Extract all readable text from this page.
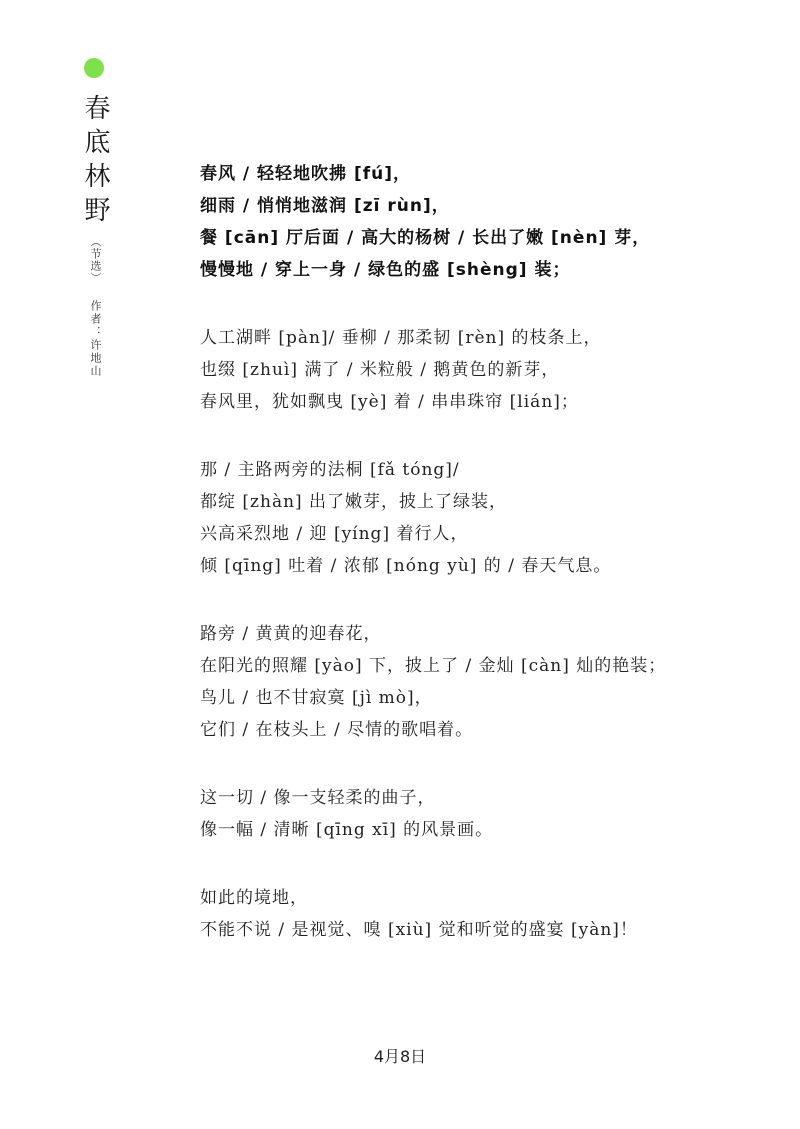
春底林野
（节选）
作者：许地山
春风 / 轻轻地吹拂 [fú]，
细雨 / 悄悄地滋润 [zī rùn]，
餐 [cān] 厅后面 / 高大的杨树 / 长出了嫩 [nèn] 芽，
慢慢地 / 穿上一身 / 绿色的盛 [shèng] 装；
人工湖畔 [pàn]/ 垂柳 / 那柔韧 [rèn] 的枝条上，
也缀 [zhuì] 满了 / 米粒般 / 鹅黄色的新芽，
春风里，犹如飘曳 [yè] 着 / 串串珠帘 [lián]；
那 / 主路两旁的法桐 [fǎ tóng]/
都绽 [zhàn] 出了嫩芽，披上了绿装，
兴高采烈地 / 迎 [yíng] 着行人，
倾 [qīng] 吐着 / 浓郁 [nóng yù] 的 / 春天气息。
路旁 / 黄黄的迎春花，
在阳光的照耀 [yào] 下，披上了 / 金灿 [càn] 灿的艳装；
鸟儿 / 也不甘寂寞 [jì mò]，
它们 / 在枝头上 / 尽情的歌唱着。
这一切 / 像一支轻柔的曲子，
像一幅 / 清晰 [qīng xī] 的风景画。
如此的境地，
不能不说 / 是视觉、嗅 [xiù] 觉和听觉的盛宴 [yàn]！
4月8日
